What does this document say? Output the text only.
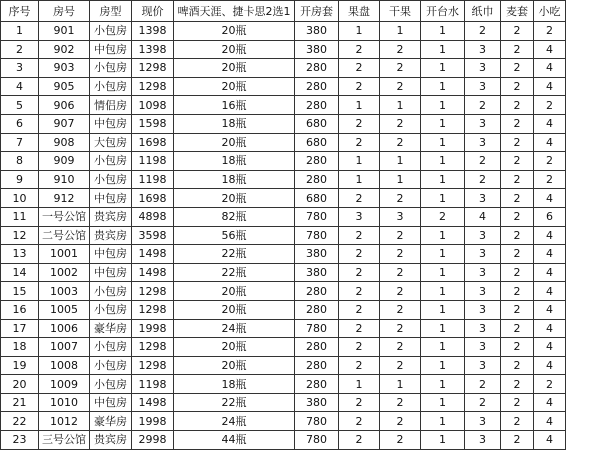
序号	房号	房型	现价	啤酒天涯、捷卡思2选1	开房套	果盘	干果	开台水	纸巾	麦套	小吃
1	901	小包房	1398	20瓶	380	1	1	1	2	2	2
2	902	中包房	1398	20瓶	380	2	2	1	3	2	4
3	903	小包房	1298	20瓶	280	2	2	1	3	2	4
4	905	小包房	1298	20瓶	280	2	2	1	3	2	4
5	906	情侣房	1098	16瓶	280	1	1	1	2	2	2
6	907	中包房	1598	18瓶	680	2	2	1	3	2	4
7	908	大包房	1698	20瓶	680	2	2	1	3	2	4
8	909	小包房	1198	18瓶	280	1	1	1	2	2	2
9	910	小包房	1198	18瓶	280	1	1	1	2	2	2
10	912	中包房	1698	20瓶	680	2	2	1	3	2	4
11	一号公馆	贵宾房	4898	82瓶	780	3	3	2	4	2	6
12	二号公馆	贵宾房	3598	56瓶	780	2	2	1	3	2	4
13	1001	中包房	1498	22瓶	380	2	2	1	3	2	4
14	1002	中包房	1498	22瓶	380	2	2	1	3	2	4
15	1003	小包房	1298	20瓶	280	2	2	1	3	2	4
16	1005	小包房	1298	20瓶	280	2	2	1	3	2	4
17	1006	豪华房	1998	24瓶	780	2	2	1	3	2	4
18	1007	小包房	1298	20瓶	280	2	2	1	3	2	4
19	1008	小包房	1298	20瓶	280	2	2	1	3	2	4
20	1009	小包房	1198	18瓶	280	1	1	1	2	2	2
21	1010	中包房	1498	22瓶	380	2	2	1	2	2	4
22	1012	豪华房	1998	24瓶	780	2	2	1	3	2	4
23	三号公馆	贵宾房	2998	44瓶	780	2	2	1	3	2	4
